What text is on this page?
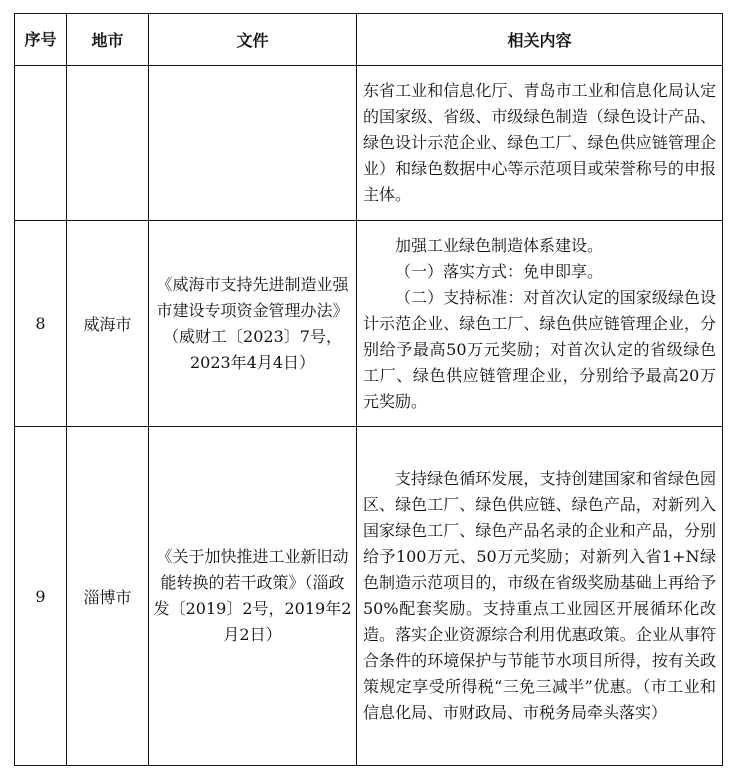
序号	地市	文件	相关内容

			东省工业和信息化厅、青岛市工业和信息化局认定的国家级、省级、市级绿色制造（绿色设计产品、绿色设计示范企业、绿色工厂、绿色供应链管理企业）和绿色数据中心等示范项目或荣誉称号的申报主体。

8	威海市	《威海市支持先进制造业强市建设专项资金管理办法》（威财工〔2023〕7号，2023年4月4日）	加强工业绿色制造体系建设。

（一）落实方式：免申即享。

（二）支持标准：对首次认定的国家级绿色设计示范企业、绿色工厂、绿色供应链管理企业，分别给予最高50万元奖励；对首次认定的省级绿色工厂、绿色供应链管理企业，分别给予最高20万元奖励。

9	淄博市	《关于加快推进工业新旧动能转换的若干政策》（淄政发〔2019〕2号，2019年2月2日）	支持绿色循环发展，支持创建国家和省绿色园区、绿色工厂、绿色供应链、绿色产品，对新列入国家绿色工厂、绿色产品名录的企业和产品，分别给予100万元、50万元奖励；对新列入省1+N绿色制造示范项目的，市级在省级奖励基础上再给予50%配套奖励。支持重点工业园区开展循环化改造。落实企业资源综合利用优惠政策。企业从事符合条件的环境保护与节能节水项目所得，按有关政策规定享受所得税“三免三减半”优惠。（市工业和信息化局、市财政局、市税务局牵头落实）
